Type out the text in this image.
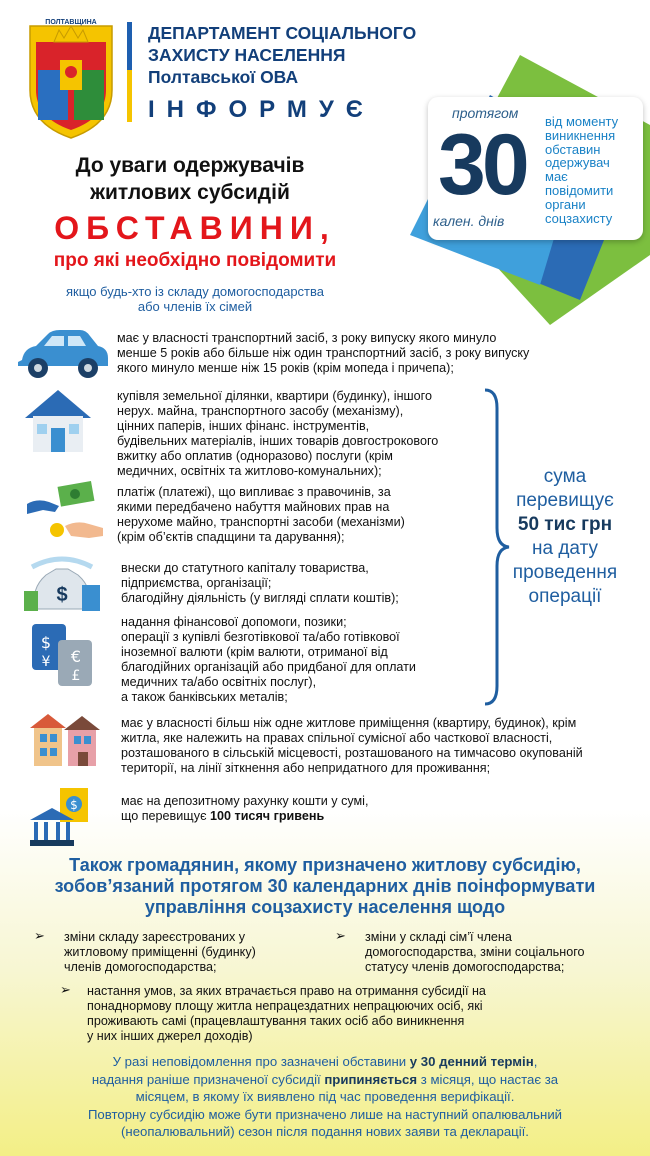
ПОЛТАВЩИНА
ДЕПАРТАМЕНТ СОЦІАЛЬНОГО
ЗАХИСТУ НАСЕЛЕННЯ
Полтавської ОВА
ІНФОРМУЄ	протягом
30
кален. днів
від моменту
виникнення
обставин
одержувач
має
повідомити
органи
соцзахисту
До уваги одержувачів
житлових субсидій
ОБСТАВИНИ,
про які необхідно повідомити
якщо будь-хто із складу домогосподарства
або членів їх сімей
має у власності транспортний засіб, з року випуску якого минуло
менше 5 років або більше ніж один транспортний засіб, з року випуску
якого минуло менше ніж 15 років (крім мопеда і причепа);
купівля земельної ділянки, квартири (будинку), іншого
нерух. майна, транспортного засобу (механізму),
цінних паперів, інших фінанс. інструментів,
будівельних матеріалів, інших товарів довгострокового
вжитку або оплатив (одноразово) послуги (крім
медичних, освітніх та житлово-комунальних);
платіж (платежі), що випливає з правочинів, за
якими передбачено набуття майнових прав на
нерухоме майно, транспортні засоби (механізми)
(крім об’єктів спадщини та дарування);
$
внески до статутного капіталу товариства,
підприємства, організації;
благодійну діяльність (у вигляді сплати коштів);
$
¥ €
£
надання фінансової допомоги, позики;
операції з купівлі безготівкової та/або готівкової
іноземної валюти (крім валюти, отриманої від
благодійних організацій або придбаної для оплати
медичних та/або освітніх послуг),
а також банківських металів;
сума
перевищує
50 тис грн
на дату
проведення
операції
має у власності більш ніж одне житлове приміщення (квартиру, будинок), крім
житла, яке належить на правах спільної сумісної або часткової власності,
розташованого в сільській місцевості, розташованого на тимчасово окупованій
території, на лінії зіткнення або непридатного для проживання;
$	має на депозитному рахунку кошти у сумі,
що перевищує 100 тисяч гривень
Також громадянин, якому призначено житлову субсидію,
зобов’язаний протягом 30 календарних днів поінформувати
управління соцзахисту населення щодо
➢ зміни складу зареєстрованих у
житловому приміщенні (будинку)
членів домогосподарства;
➢ зміни у складі сім’ї члена
домогосподарства, зміни соціального
статусу членів домогосподарства;
➢ настання умов, за яких втрачається право на отримання субсидії на
понаднормову площу житла непрацездатних непрацюючих осіб, які
проживають самі (працевлаштування таких осіб або виникнення
у них інших джерел доходів)
У разі неповідомлення про зазначені обставини у 30 денний термін,
надання раніше призначеної субсидії припиняється з місяця, що настає за
місяцем, в якому їх виявлено під час проведення верифікації.
Повторну субсидію може бути призначено лише на наступний опалювальний
(неопалювальний) сезон після подання нових заяви та декларації.
